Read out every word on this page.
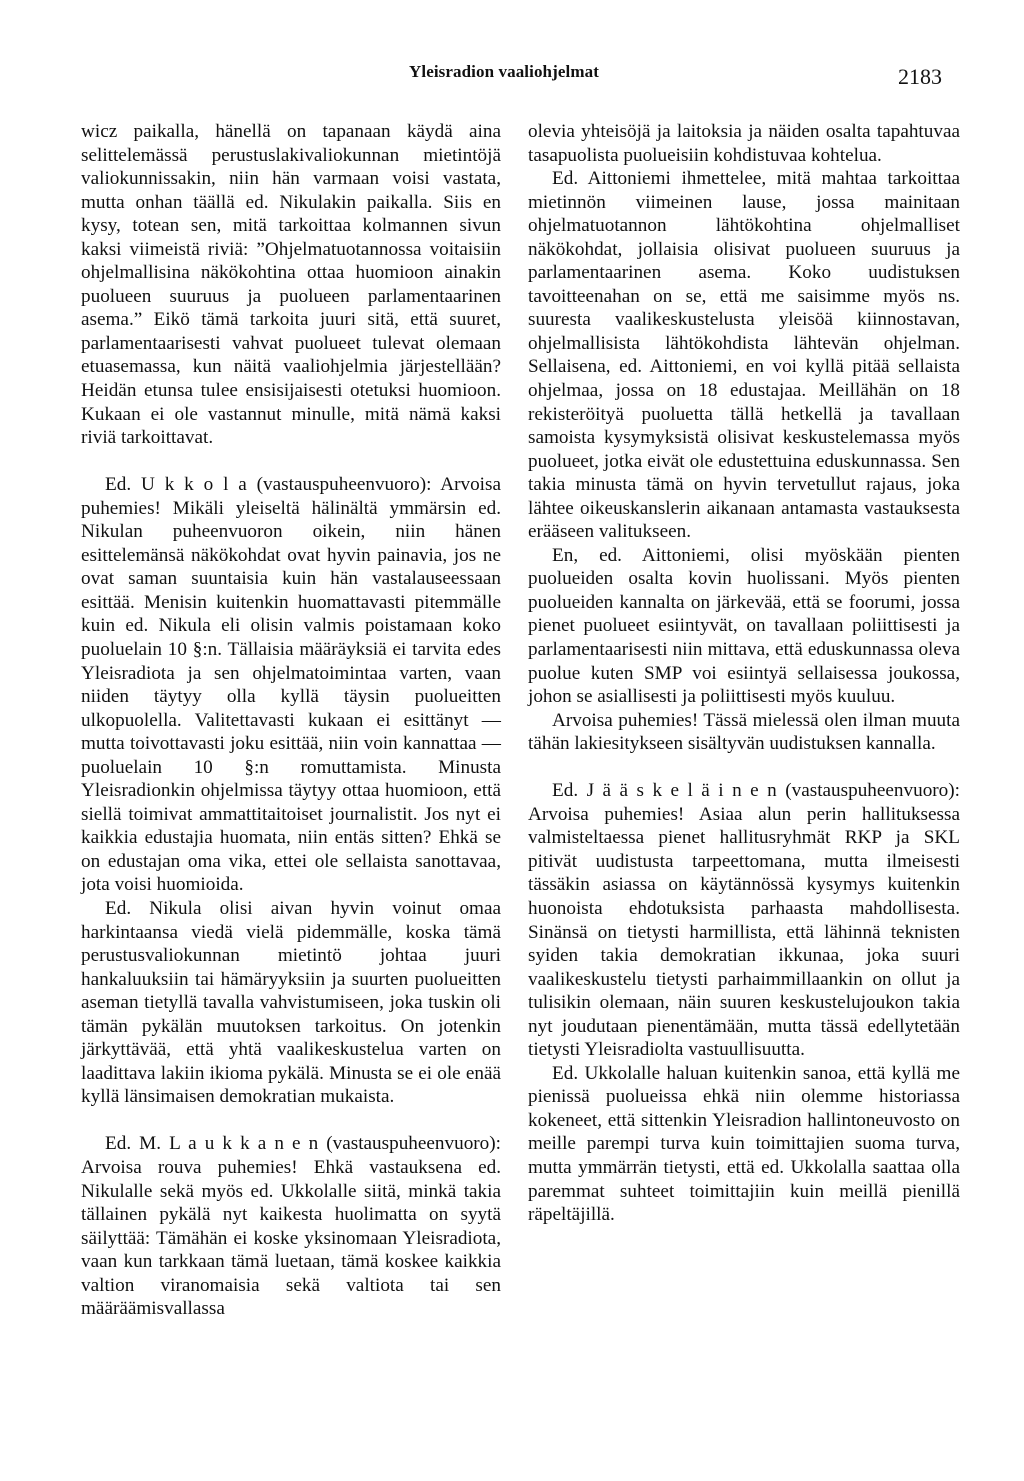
Yleisradion vaaliohjelmat	2183

wicz paikalla, hänellä on tapanaan käydä aina selittelemässä perustuslakivaliokunnan mietintöjä valiokunnissakin, niin hän varmaan voisi vastata, mutta onhan täällä ed. Nikulakin paikalla. Siis en kysy, totean sen, mitä tarkoittaa kolmannen sivun kaksi viimeistä riviä: ”Ohjelmatuotannossa voitaisiin ohjelmallisina näkökohtina ottaa huomioon ainakin puolueen suuruus ja puolueen parlamentaarinen asema.” Eikö tämä tarkoita juuri sitä, että suuret, parlamentaarisesti vahvat puolueet tulevat olemaan etuasemassa, kun näitä vaaliohjelmia järjestellään? Heidän etunsa tulee ensisijaisesti otetuksi huomioon. Kukaan ei ole vastannut minulle, mitä nämä kaksi riviä tarkoittavat.

Ed. U k k o l a (vastauspuheenvuoro): Arvoisa puhemies! Mikäli yleiseltä hälinältä ymmärsin ed. Nikulan puheenvuoron oikein, niin hänen esittelemänsä näkökohdat ovat hyvin painavia, jos ne ovat saman suuntaisia kuin hän vastalauseessaan esittää. Menisin kuitenkin huomattavasti pitemmälle kuin ed. Nikula eli olisin valmis poistamaan koko puoluelain 10 §:n. Tällaisia määräyksiä ei tarvita edes Yleisradiota ja sen ohjelmatoimintaa varten, vaan niiden täytyy olla kyllä täysin puolueitten ulkopuolella. Valitettavasti kukaan ei esittänyt — mutta toivottavasti joku esittää, niin voin kannattaa — puoluelain 10 §:n romuttamista. Minusta Yleisradionkin ohjelmissa täytyy ottaa huomioon, että siellä toimivat ammattitaitoiset journalistit. Jos nyt ei kaikkia edustajia huomata, niin entäs sitten? Ehkä se on edustajan oma vika, ettei ole sellaista sanottavaa, jota voisi huomioida.

Ed. Nikula olisi aivan hyvin voinut omaa harkintaansa viedä vielä pidemmälle, koska tämä perustusvaliokunnan mietintö johtaa juuri hankaluuksiin tai hämäryyksiin ja suurten puolueitten aseman tietyllä tavalla vahvistumiseen, joka tuskin oli tämän pykälän muutoksen tarkoitus. On jotenkin järkyttävää, että yhtä vaalikeskustelua varten on laadittava lakiin ikioma pykälä. Minusta se ei ole enää kyllä länsimaisen demokratian mukaista.

Ed. M. L a u k k a n e n (vastauspuheenvuoro): Arvoisa rouva puhemies! Ehkä vastauksena ed. Nikulalle sekä myös ed. Ukkolalle siitä, minkä takia tällainen pykälä nyt kaikesta huolimatta on syytä säilyttää: Tämähän ei koske yksinomaan Yleisradiota, vaan kun tarkkaan tämä luetaan, tämä koskee kaikkia valtion viranomaisia sekä valtiota tai sen määräämisvallassa

olevia yhteisöjä ja laitoksia ja näiden osalta tapahtuvaa tasapuolista puolueisiin kohdistuvaa kohtelua.

Ed. Aittoniemi ihmettelee, mitä mahtaa tarkoittaa mietinnön viimeinen lause, jossa mainitaan ohjelmatuotannon lähtökohtina ohjelmalliset näkökohdat, jollaisia olisivat puolueen suuruus ja parlamentaarinen asema. Koko uudistuksen tavoitteenahan on se, että me saisimme myös ns. suuresta vaalikeskustelusta yleisöä kiinnostavan, ohjelmallisista lähtökohdista lähtevän ohjelman. Sellaisena, ed. Aittoniemi, en voi kyllä pitää sellaista ohjelmaa, jossa on 18 edustajaa. Meillähän on 18 rekisteröityä puoluetta tällä hetkellä ja tavallaan samoista kysymyksistä olisivat keskustelemassa myös puolueet, jotka eivät ole edustettuina eduskunnassa. Sen takia minusta tämä on hyvin tervetullut rajaus, joka lähtee oikeuskanslerin aikanaan antamasta vastauksesta erääseen valitukseen.

En, ed. Aittoniemi, olisi myöskään pienten puolueiden osalta kovin huolissani. Myös pienten puolueiden kannalta on järkevää, että se foorumi, jossa pienet puolueet esiintyvät, on tavallaan poliittisesti ja parlamentaarisesti niin mittava, että eduskunnassa oleva puolue kuten SMP voi esiintyä sellaisessa joukossa, johon se asiallisesti ja poliittisesti myös kuuluu.

Arvoisa puhemies! Tässä mielessä olen ilman muuta tähän lakiesitykseen sisältyvän uudistuksen kannalla.

Ed. J ä ä s k e l ä i n e n (vastauspuheenvuoro): Arvoisa puhemies! Asiaa alun perin hallituksessa valmisteltaessa pienet hallitusryhmät RKP ja SKL pitivät uudistusta tarpeettomana, mutta ilmeisesti tässäkin asiassa on käytännössä kysymys kuitenkin huonoista ehdotuksista parhaasta mahdollisesta. Sinänsä on tietysti harmillista, että lähinnä teknisten syiden takia demokratian ikkunaa, joka suuri vaalikeskustelu tietysti parhaimmillaankin on ollut ja tulisikin olemaan, näin suuren keskustelujoukon takia nyt joudutaan pienentämään, mutta tässä edellytetään tietysti Yleisradiolta vastuullisuutta.

Ed. Ukkolalle haluan kuitenkin sanoa, että kyllä me pienissä puolueissa ehkä niin olemme historiassa kokeneet, että sittenkin Yleisradion hallintoneuvosto on meille parempi turva kuin toimittajien suoma turva, mutta ymmärrän tietysti, että ed. Ukkolalla saattaa olla paremmat suhteet toimittajiin kuin meillä pienillä räpeltäjillä.
